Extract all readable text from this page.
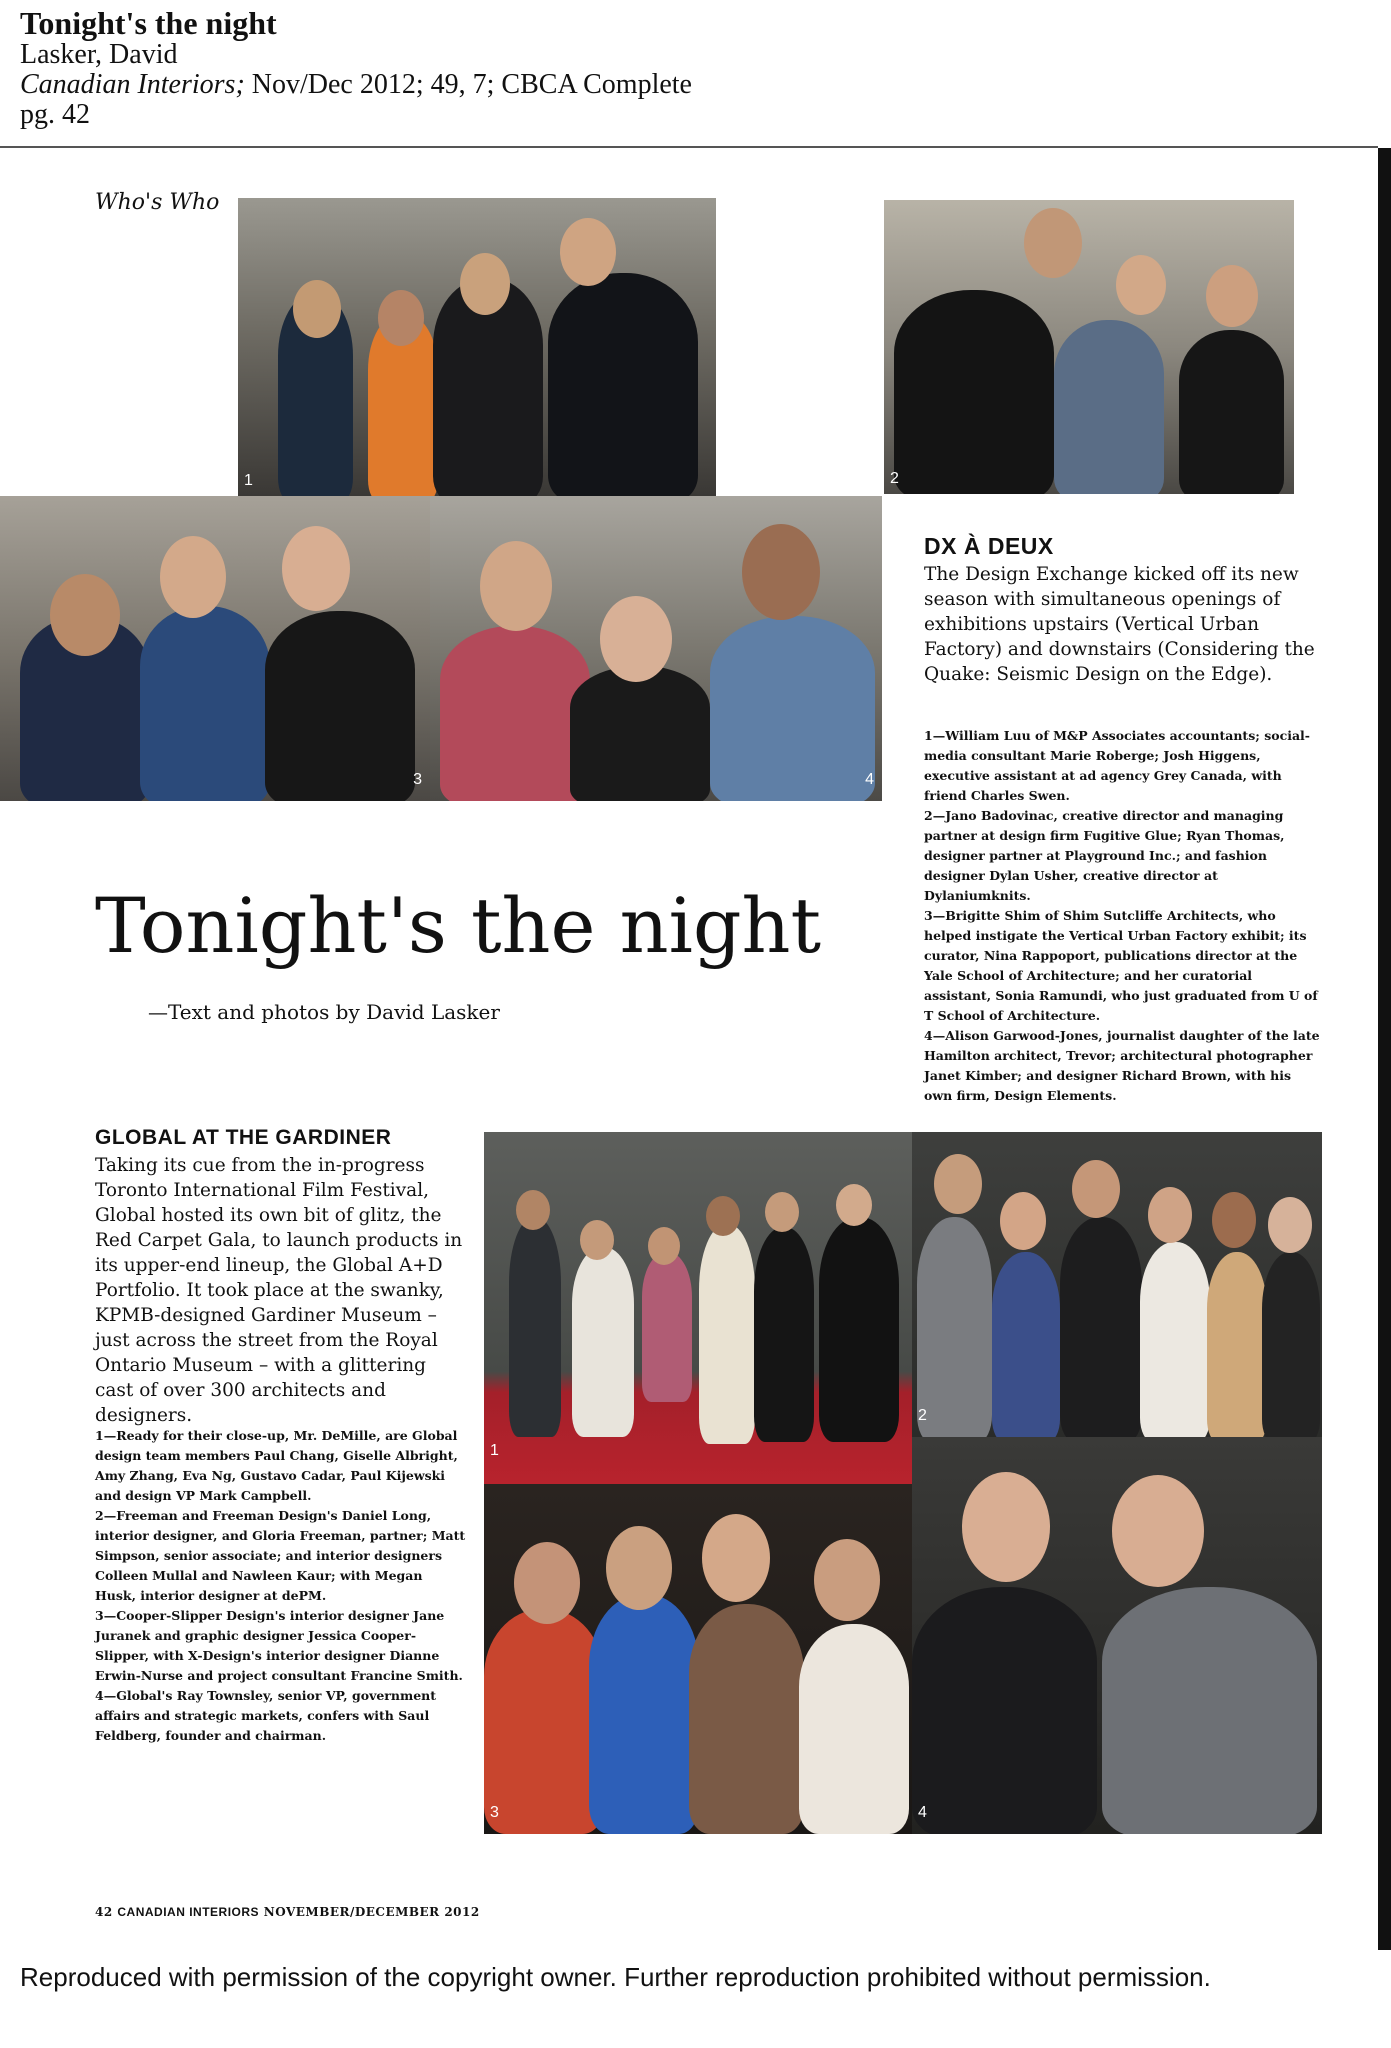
Tonight's the night
Lasker, David
Canadian Interiors; Nov/Dec 2012; 49, 7; CBCA Complete
pg. 42
Who's Who
1	2
3	4
DX À DEUX
The Design Exchange kicked off its new season with simultaneous openings of exhibitions upstairs (Vertical Urban Factory) and downstairs (Considering the Quake: Seismic Design on the Edge).

1—William Luu of M&P Associates accountants; social-media consultant Marie Roberge; Josh Higgens, executive assistant at ad agency Grey Canada, with friend Charles Swen.

2—Jano Badovinac, creative director and managing partner at design firm Fugitive Glue; Ryan Thomas, designer partner at Playground Inc.; and fashion designer Dylan Usher, creative director at Dylaniumknits.

3—Brigitte Shim of Shim Sutcliffe Architects, who helped instigate the Vertical Urban Factory exhibit; its curator, Nina Rappoport, publications director at the Yale School of Architecture; and her curatorial assistant, Sonia Ramundi, who just graduated from U of T School of Architecture.

4—Alison Garwood-Jones, journalist daughter of the late Hamilton architect, Trevor; architectural photographer Janet Kimber; and designer Richard Brown, with his own firm, Design Elements.

Tonight's the night
—Text and photos by David Lasker
GLOBAL AT THE GARDINER
Taking its cue from the in-progress Toronto International Film Festival, Global hosted its own bit of glitz, the Red Carpet Gala, to launch products in its upper-end lineup, the Global A+D Portfolio. It took place at the swanky, KPMB-designed Gardiner Museum – just across the street from the Royal Ontario Museum – with a glittering cast of over 300 architects and designers.

1—Ready for their close-up, Mr. DeMille, are Global design team members Paul Chang, Giselle Albright, Amy Zhang, Eva Ng, Gustavo Cadar, Paul Kijewski and design VP Mark Campbell.

2—Freeman and Freeman Design's Daniel Long, interior designer, and Gloria Freeman, partner; Matt Simpson, senior associate; and interior designers Colleen Mullal and Nawleen Kaur; with Megan Husk, interior designer at dePM.

3—Cooper-Slipper Design's interior designer Jane Juranek and graphic designer Jessica Cooper-Slipper, with X-Design's interior designer Dianne Erwin-Nurse and project consultant Francine Smith.

4—Global's Ray Townsley, senior VP, government affairs and strategic markets, confers with Saul Feldberg, founder and chairman.

1
2
3	4
42 CANADIAN INTERIORS NOVEMBER/DECEMBER 2012
Reproduced with permission of the copyright owner. Further reproduction prohibited without permission.
